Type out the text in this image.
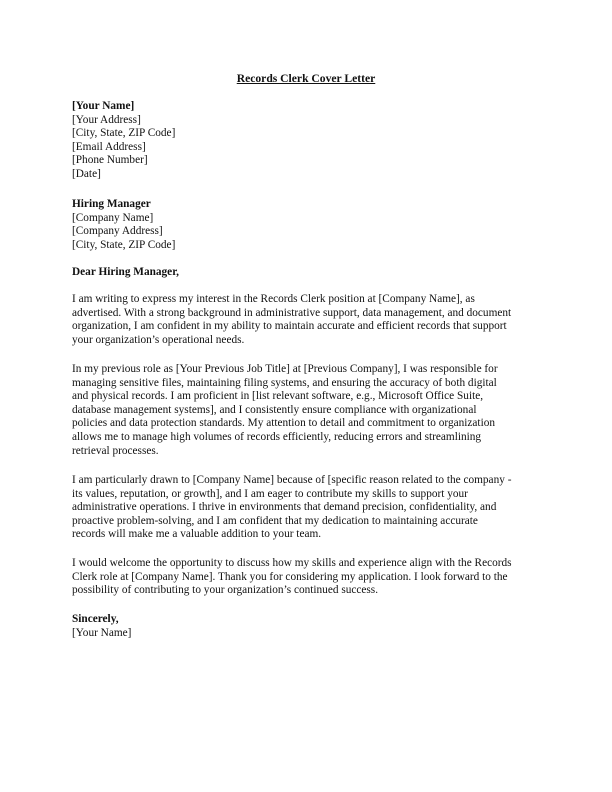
Records Clerk Cover Letter
[Your Name]
[Your Address]
[City, State, ZIP Code]
[Email Address]
[Phone Number]
[Date]
Hiring Manager
[Company Name]
[Company Address]
[City, State, ZIP Code]
Dear Hiring Manager,
I am writing to express my interest in the Records Clerk position at [Company Name], as
advertised. With a strong background in administrative support, data management, and document
organization, I am confident in my ability to maintain accurate and efficient records that support
your organization’s operational needs.
In my previous role as [Your Previous Job Title] at [Previous Company], I was responsible for
managing sensitive files, maintaining filing systems, and ensuring the accuracy of both digital
and physical records. I am proficient in [list relevant software, e.g., Microsoft Office Suite,
database management systems], and I consistently ensure compliance with organizational
policies and data protection standards. My attention to detail and commitment to organization
allows me to manage high volumes of records efficiently, reducing errors and streamlining
retrieval processes.
I am particularly drawn to [Company Name] because of [specific reason related to the company -
its values, reputation, or growth], and I am eager to contribute my skills to support your
administrative operations. I thrive in environments that demand precision, confidentiality, and
proactive problem-solving, and I am confident that my dedication to maintaining accurate
records will make me a valuable addition to your team.
I would welcome the opportunity to discuss how my skills and experience align with the Records
Clerk role at [Company Name]. Thank you for considering my application. I look forward to the
possibility of contributing to your organization’s continued success.
Sincerely,
[Your Name]
